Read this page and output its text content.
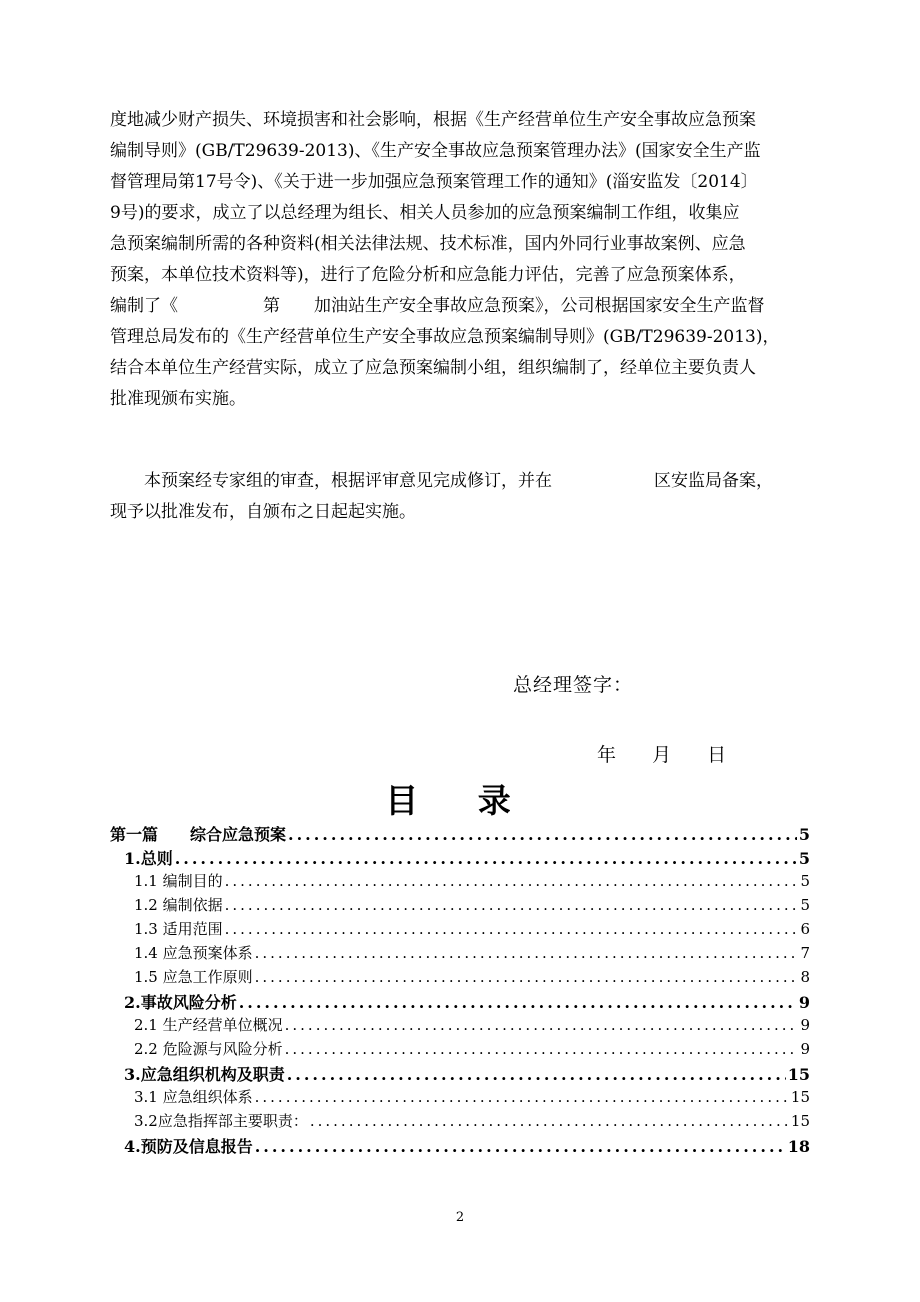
度地减少财产损失、环境损害和社会影响，根据《生产经营单位生产安全事故应急预案
编制导则》(GB/T29639-2013)、《生产安全事故应急预案管理办法》(国家安全生产监
督管理局第17号令)、《关于进一步加强应急预案管理工作的通知》(淄安监发〔2014〕
9号)的要求，成立了以总经理为组长、相关人员参加的应急预案编制工作组，收集应
急预案编制所需的各种资料(相关法律法规、技术标准，国内外同行业事故案例、应急
预案，本单位技术资料等)，进行了危险分析和应急能力评估，完善了应急预案体系，
编制了《　　　　　第　　加油站生产安全事故应急预案》，公司根据国家安全生产监督
管理总局发布的《生产经营单位生产安全事故应急预案编制导则》(GB/T29639-2013)，
结合本单位生产经营实际，成立了应急预案编制小组，组织编制了，经单位主要负责人
批准现颁布实施。
本预案经专家组的审查，根据评审意见完成修订，并在　　　　　　区安监局备案，
现予以批准发布，自颁布之日起起实施。
总经理签字：
年 月 日
目 录
第一篇　　综合应急预案 .....	5
1.总则 .....	5
1.1 编制目的 .....	5
1.2 编制依据 .....	5
1.3 适用范围 .....	6
1.4 应急预案体系 .....	7
1.5 应急工作原则 .....	8
2.事故风险分析 .....	9
2.1 生产经营单位概况 .....	9
2.2 危险源与风险分析 .....	9
3.应急组织机构及职责 .....	15
3.1 应急组织体系 .....	15
3.2应急指挥部主要职责： .....	15
4.预防及信息报告 .....	18
2
